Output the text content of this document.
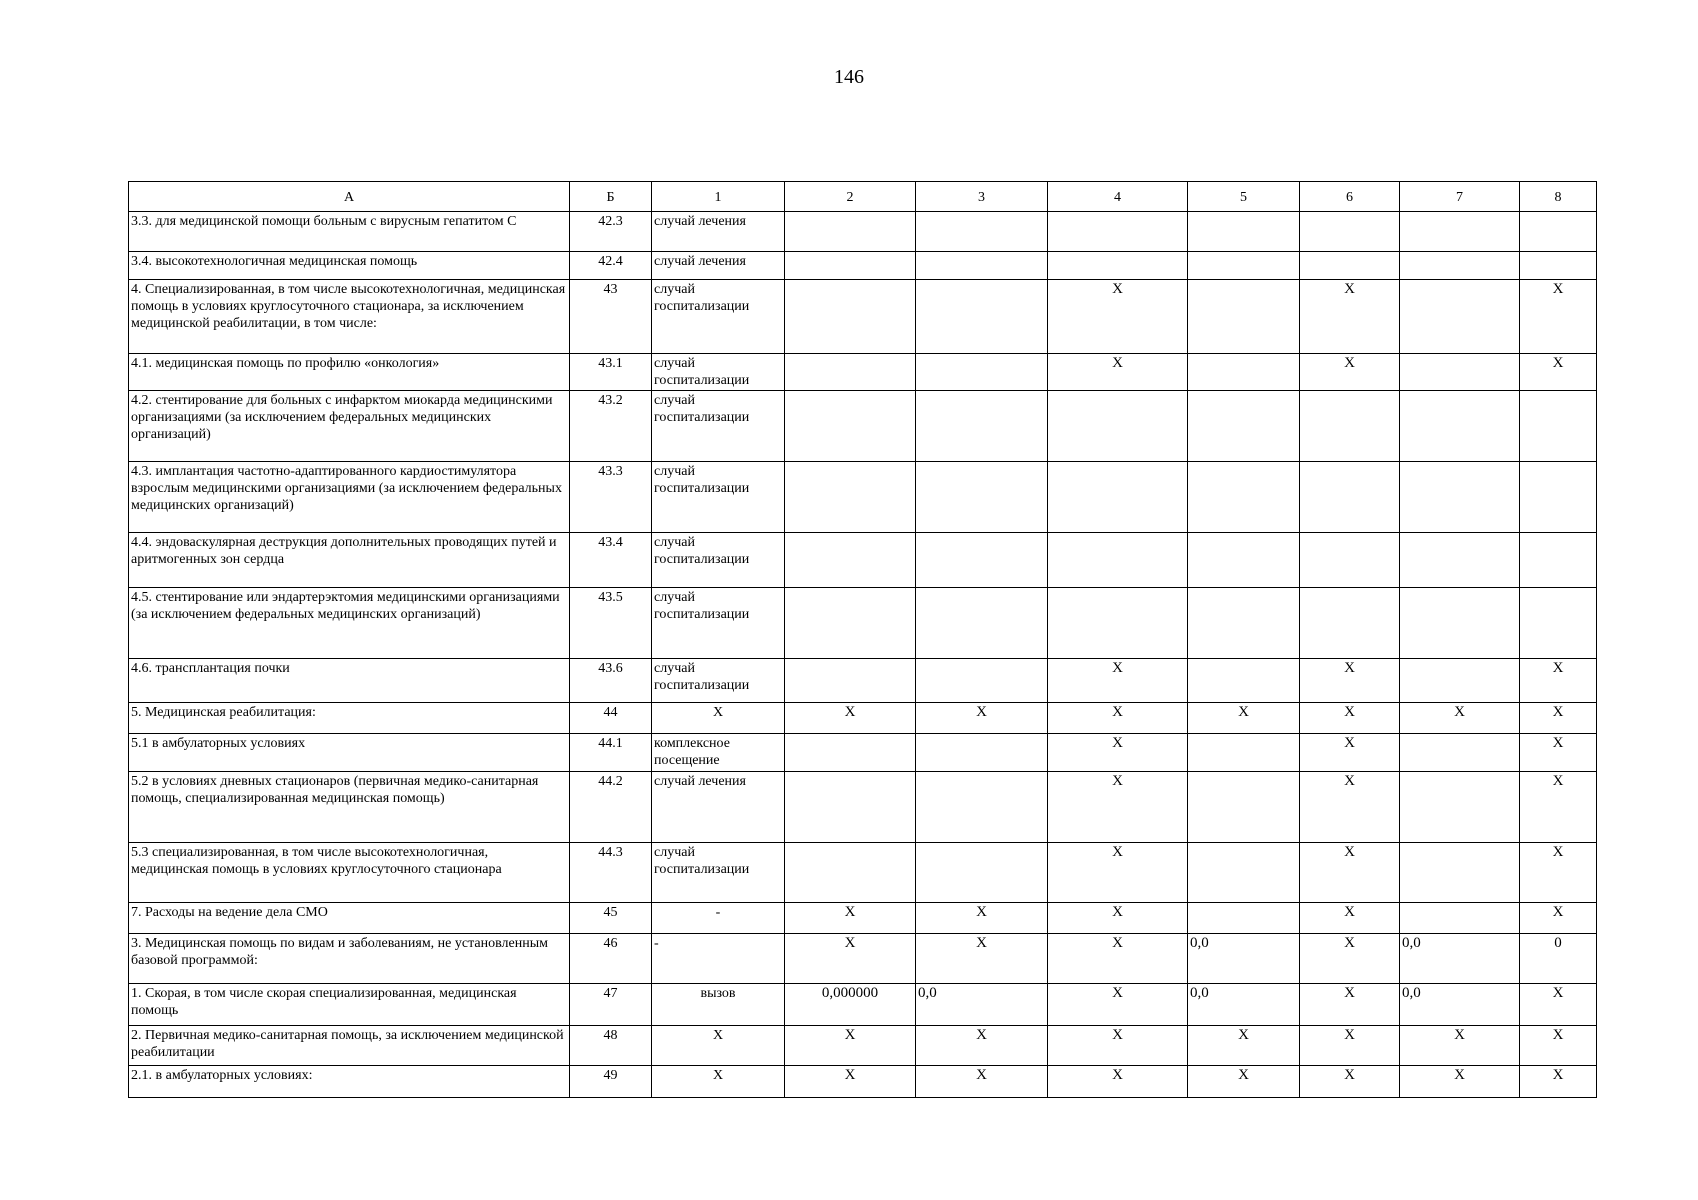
146
А	Б	1	2	3	4	5	6	7	8
3.3. для медицинской помощи больным с вирусным гепатитом С	42.3	случай лечения							
3.4. высокотехнологичная медицинская помощь	42.4	случай лечения							
4. Специализированная, в том числе высокотехнологичная, медицинская помощь в условиях круглосуточного стационара, за исключением медицинской реабилитации, в том числе:	43	случай госпитализации			Х		Х		Х
4.1. медицинская помощь по профилю «онкология»	43.1	случай госпитализации			Х		Х		Х
4.2. стентирование для больных с инфарктом миокарда медицинскими организациями (за исключением федеральных медицинских организаций)	43.2	случай госпитализации							
4.3. имплантация частотно-адаптированного кардиостимулятора взрослым медицинскими организациями (за исключением федеральных медицинских организаций)	43.3	случай госпитализации							
4.4. эндоваскулярная деструкция дополнительных проводящих путей и аритмогенных зон сердца	43.4	случай госпитализации							
4.5. стентирование или эндартерэктомия медицинскими организациями (за исключением федеральных медицинских организаций)	43.5	случай госпитализации							
4.6. трансплантация почки	43.6	случай госпитализации			Х		Х		Х
5. Медицинская реабилитация:	44	Х	Х	Х	Х	Х	Х	Х	Х
5.1 в амбулаторных условиях	44.1	комплексное посещение			Х		Х		Х
5.2 в условиях дневных стационаров (первичная медико-санитарная помощь, специализированная медицинская помощь)	44.2	случай лечения			Х		Х		Х
5.3 специализированная, в том числе высокотехнологичная, медицинская помощь в условиях круглосуточного стационара	44.3	случай госпитализации			Х		Х		Х
7. Расходы на ведение дела СМО	45	-	Х	Х	Х		Х		Х
3. Медицинская помощь по видам и заболеваниям, не установленным базовой программой:	46	-	Х	Х	Х	0,0	Х	0,0	0
1. Скорая, в том числе скорая специализированная, медицинская помощь	47	вызов	0,000000	0,0	Х	0,0	Х	0,0	Х
2. Первичная медико-санитарная помощь, за исключением медицинской реабилитации	48	Х	Х	Х	Х	Х	Х	Х	Х
2.1. в амбулаторных условиях:	49	Х	Х	Х	Х	Х	Х	Х	Х
